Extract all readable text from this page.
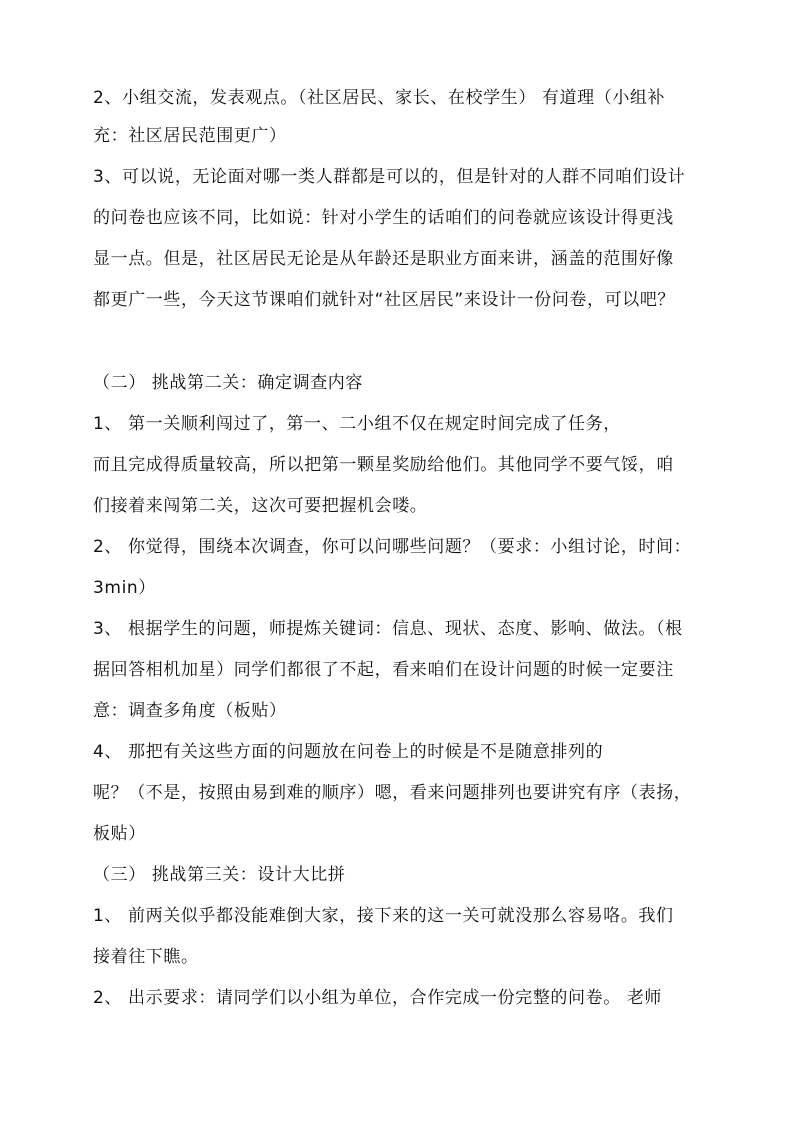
2、小组交流，发表观点。（社区居民、家长、在校学生） 有道理（小组补
充：社区居民范围更广）
3、可以说，无论面对哪一类人群都是可以的，但是针对的人群不同咱们设计
的问卷也应该不同，比如说：针对小学生的话咱们的问卷就应该设计得更浅
显一点。但是，社区居民无论是从年龄还是职业方面来讲，涵盖的范围好像
都更广一些，今天这节课咱们就针对“社区居民”来设计一份问卷，可以吧？
（二） 挑战第二关：确定调查内容
1、 第一关顺利闯过了，第一、二小组不仅在规定时间完成了任务，
而且完成得质量较高，所以把第一颗星奖励给他们。其他同学不要气馁，咱
们接着来闯第二关，这次可要把握机会喽。
2、 你觉得，围绕本次调查，你可以问哪些问题？（要求：小组讨论，时间：
3min）
3、 根据学生的问题，师提炼关键词：信息、现状、态度、影响、做法。（根
据回答相机加星）同学们都很了不起，看来咱们在设计问题的时候一定要注
意：调查多角度（板贴）
4、 那把有关这些方面的问题放在问卷上的时候是不是随意排列的
呢？（不是，按照由易到难的顺序）嗯，看来问题排列也要讲究有序（表扬，
板贴）
（三） 挑战第三关：设计大比拼
1、 前两关似乎都没能难倒大家，接下来的这一关可就没那么容易咯。我们
接着往下瞧。
2、 出示要求：请同学们以小组为单位，合作完成一份完整的问卷。 老师
